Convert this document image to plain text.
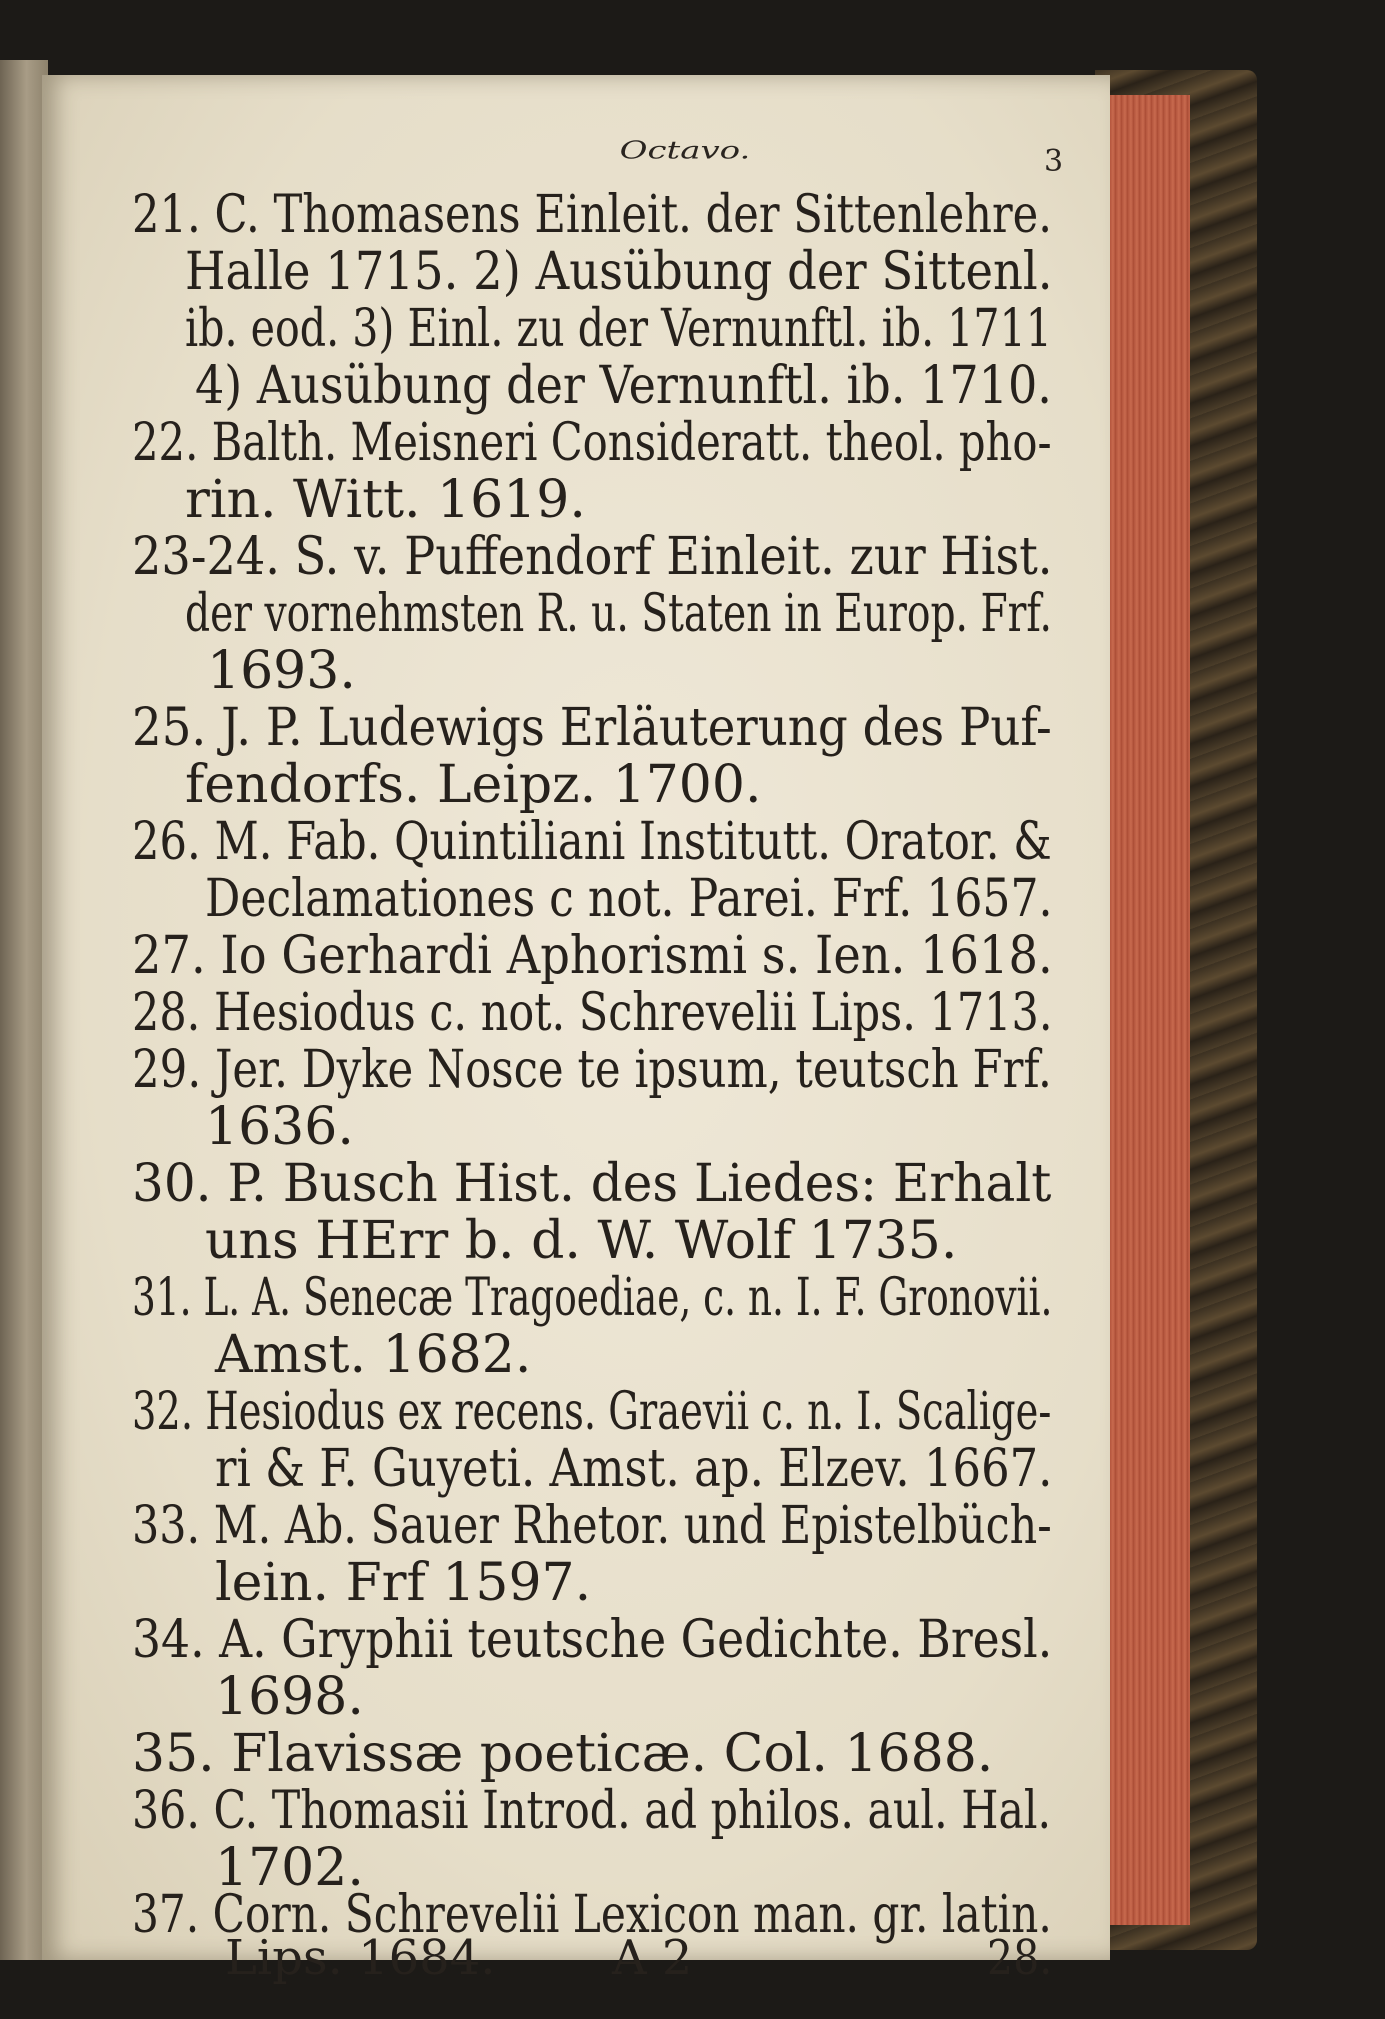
Octavo.	3
21. C. Thomasens Einleit. der Sittenlehre.
Halle 1715. 2) Ausübung der Sittenl.
ib. eod. 3) Einl. zu der Vernunftl. ib. 1711
4) Ausübung der Vernunftl. ib. 1710.
22. Balth. Meisneri Consideratt. theol. pho-
rin. Witt. 1619.
23-24. S. v. Puffendorf Einleit. zur Hist.
der vornehmsten R. u. Staten in Europ. Frf.
1693.
25. J. P. Ludewigs Erläuterung des Puf-
fendorfs. Leipz. 1700.
26. M. Fab. Quintiliani Institutt. Orator. &
Declamationes c not. Parei. Frf. 1657.
27. Io Gerhardi Aphorismi s. Ien. 1618.
28. Hesiodus c. not. Schrevelii Lips. 1713.
29. Jer. Dyke Nosce te ipsum, teutsch Frf.
1636.
30. P. Busch Hist. des Liedes: Erhalt
uns HErr b. d. W. Wolf 1735.
31. L. A. Senecæ Tragoediae, c. n. I. F. Gronovii.
Amst. 1682.
32. Hesiodus ex recens. Graevii c. n. I. Scalige-
ri & F. Guyeti. Amst. ap. Elzev. 1667.
33. M. Ab. Sauer Rhetor. und Epistelbüch-
lein. Frf 1597.
34. A. Gryphii teutsche Gedichte. Bresl.
1698.
35. Flavissæ poeticæ. Col. 1688.
36. C. Thomasii Introd. ad philos. aul. Hal.
1702.
37. Corn. Schrevelii Lexicon man. gr. latin.
Lips. 1684. A 2	28.
